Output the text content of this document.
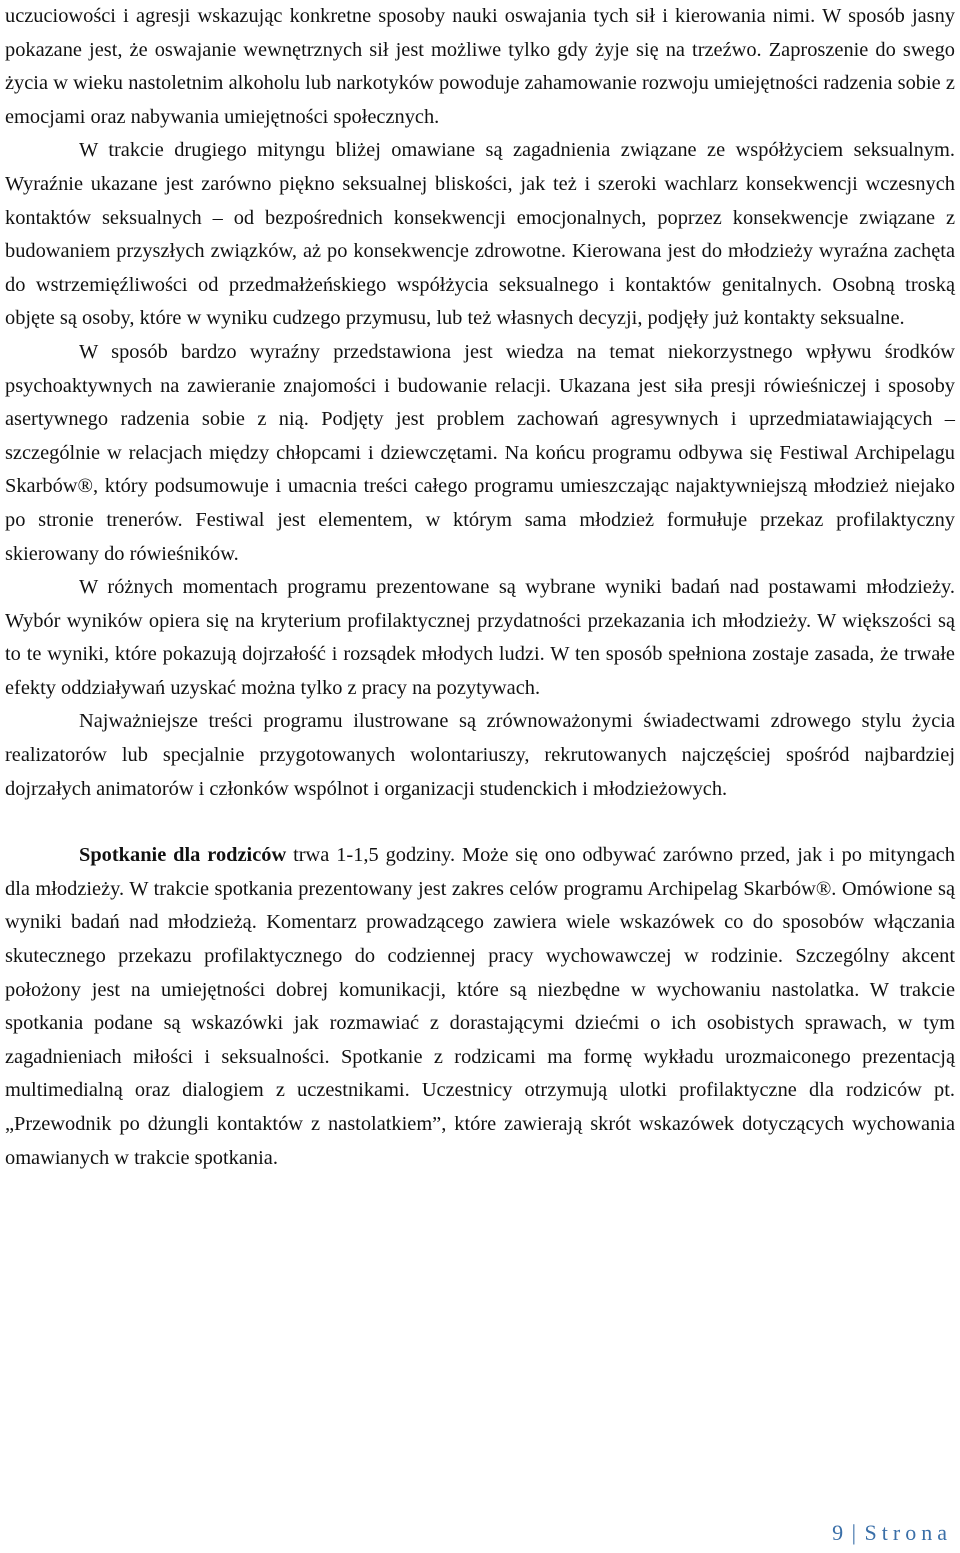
uczuciowości i agresji wskazując konkretne sposoby nauki oswajania tych sił i kierowania nimi. W sposób jasny pokazane jest, że oswajanie wewnętrznych sił jest możliwe tylko gdy żyje się na trzeźwo. Zaproszenie do swego życia w wieku nastoletnim alkoholu lub narkotyków powoduje zahamowanie rozwoju umiejętności radzenia sobie z emocjami oraz nabywania umiejętności społecznych.

W trakcie drugiego mityngu bliżej omawiane są zagadnienia związane ze współżyciem seksualnym. Wyraźnie ukazane jest zarówno piękno seksualnej bliskości, jak też i szeroki wachlarz konsekwencji wczesnych kontaktów seksualnych – od bezpośrednich konsekwencji emocjonalnych, poprzez konsekwencje związane z budowaniem przyszłych związków, aż po konsekwencje zdrowotne. Kierowana jest do młodzieży wyraźna zachęta do wstrzemięźliwości od przedmałżeńskiego współżycia seksualnego i kontaktów genitalnych. Osobną troską objęte są osoby, które w wyniku cudzego przymusu, lub też własnych decyzji, podjęły już kontakty seksualne.

W sposób bardzo wyraźny przedstawiona jest wiedza na temat niekorzystnego wpływu środków psychoaktywnych na zawieranie znajomości i budowanie relacji. Ukazana jest siła presji rówieśniczej i sposoby asertywnego radzenia sobie z nią. Podjęty jest problem zachowań agresywnych i uprzedmiatawiających – szczególnie w relacjach między chłopcami i dziewczętami. Na końcu programu odbywa się Festiwal Archipelagu Skarbów®, który podsumowuje i umacnia treści całego programu umieszczając najaktywniejszą młodzież niejako po stronie trenerów. Festiwal jest elementem, w którym sama młodzież formułuje przekaz profilaktyczny skierowany do rówieśników.

W różnych momentach programu prezentowane są wybrane wyniki badań nad postawami młodzieży. Wybór wyników opiera się na kryterium profilaktycznej przydatności przekazania ich młodzieży. W większości są to te wyniki, które pokazują dojrzałość i rozsądek młodych ludzi. W ten sposób spełniona zostaje zasada, że trwałe efekty oddziaływań uzyskać można tylko z pracy na pozytywach.

Najważniejsze treści programu ilustrowane są zrównoważonymi świadectwami zdrowego stylu życia realizatorów lub specjalnie przygotowanych wolontariuszy, rekrutowanych najczęściej spośród najbardziej dojrzałych animatorów i członków wspólnot i organizacji studenckich i młodzieżowych.

Spotkanie dla rodziców trwa 1-1,5 godziny. Może się ono odbywać zarówno przed, jak i po mityngach dla młodzieży. W trakcie spotkania prezentowany jest zakres celów programu Archipelag Skarbów®. Omówione są wyniki badań nad młodzieżą. Komentarz prowadzącego zawiera wiele wskazówek co do sposobów włączania skutecznego przekazu profilaktycznego do codziennej pracy wychowawczej w rodzinie. Szczególny akcent położony jest na umiejętności dobrej komunikacji, które są niezbędne w wychowaniu nastolatka. W trakcie spotkania podane są wskazówki jak rozmawiać z dorastającymi dziećmi o ich osobistych sprawach, w tym zagadnieniach miłości i seksualności. Spotkanie z rodzicami ma formę wykładu urozmaiconego prezentacją multimedialną oraz dialogiem z uczestnikami. Uczestnicy otrzymują ulotki profilaktyczne dla rodziców pt. „Przewodnik po dżungli kontaktów z nastolatkiem”, które zawierają skrót wskazówek dotyczących wychowania omawianych w trakcie spotkania.

9 | Strona
